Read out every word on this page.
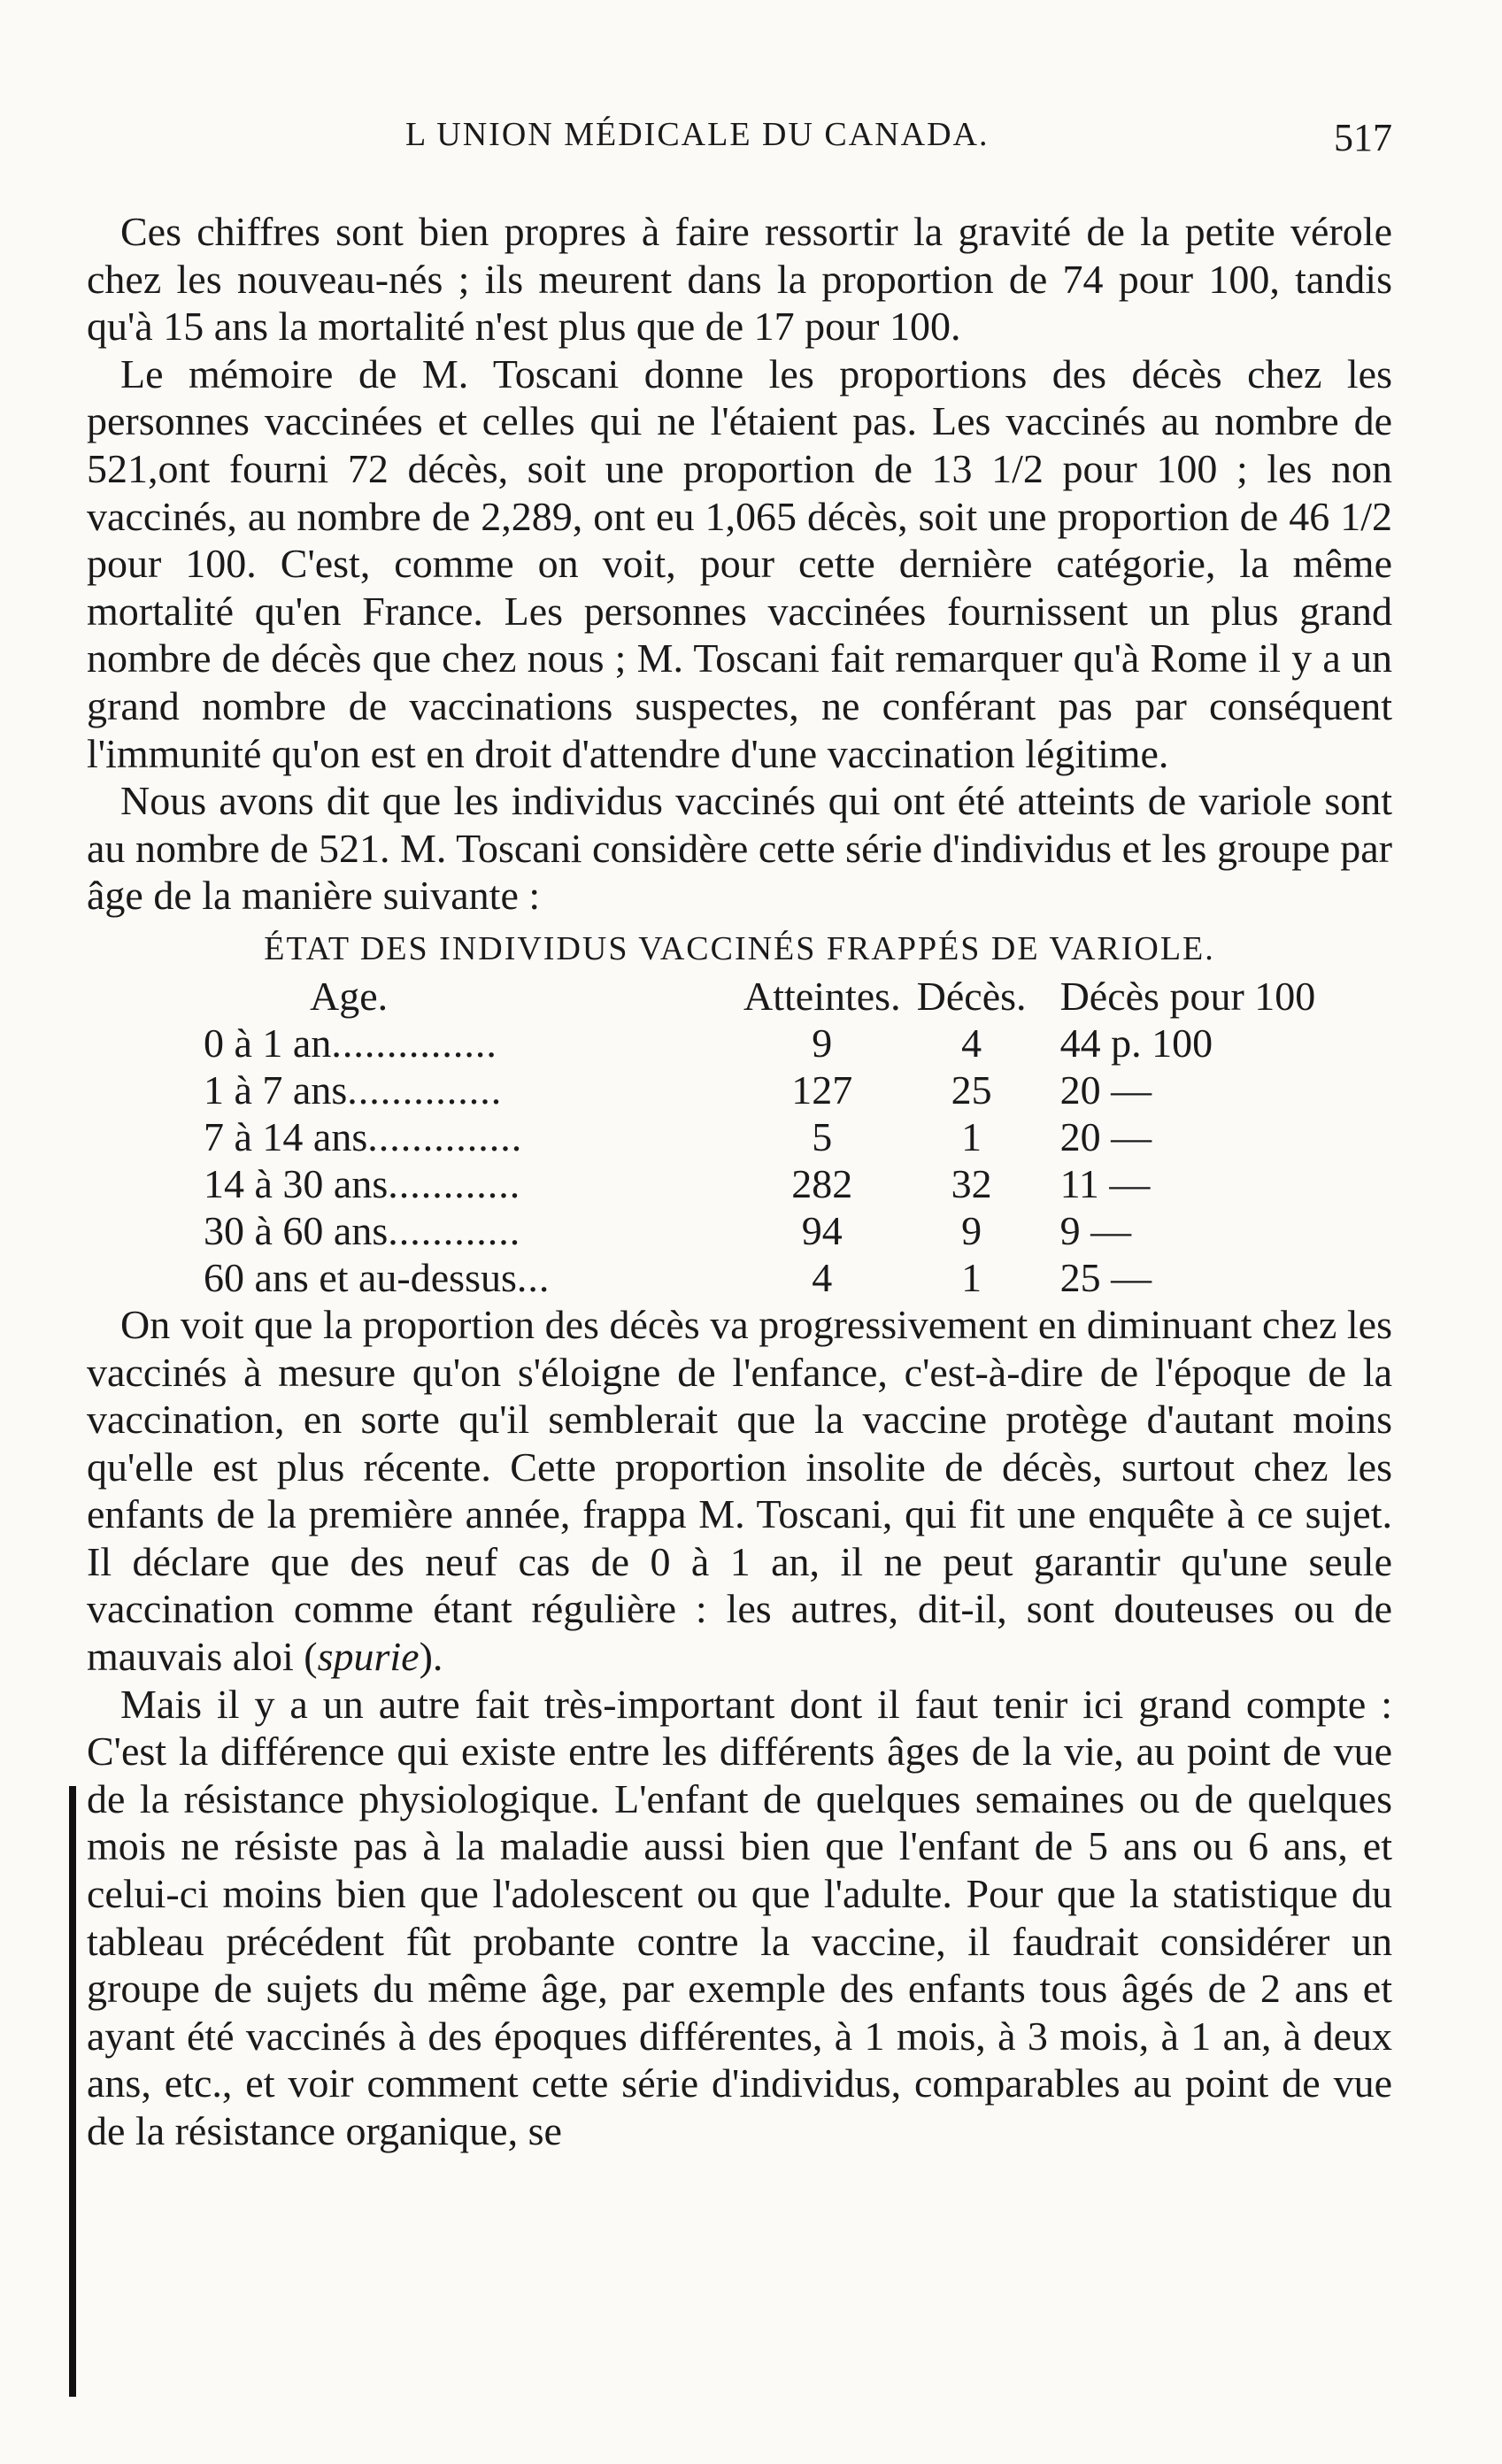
L UNION MÉDICALE DU CANADA.	517

Ces chiffres sont bien propres à faire ressortir la gravité de la petite vérole chez les nouveau-nés ; ils meurent dans la proportion de 74 pour 100, tandis qu'à 15 ans la mortalité n'est plus que de 17 pour 100.

Le mémoire de M. Toscani donne les proportions des décès chez les personnes vaccinées et celles qui ne l'étaient pas. Les vaccinés au nombre de 521,ont fourni 72 décès, soit une proportion de 13 1/2 pour 100 ; les non vaccinés, au nombre de 2,289, ont eu 1,065 décès, soit une proportion de 46 1/2 pour 100. C'est, comme on voit, pour cette dernière catégorie, la même mortalité qu'en France. Les personnes vaccinées fournissent un plus grand nombre de décès que chez nous ; M. Toscani fait remarquer qu'à Rome il y a un grand nombre de vaccinations suspectes, ne conférant pas par conséquent l'immunité qu'on est en droit d'attendre d'une vaccination légitime.

Nous avons dit que les individus vaccinés qui ont été atteints de variole sont au nombre de 521. M. Toscani considère cette série d'individus et les groupe par âge de la manière suivante :

ÉTAT DES INDIVIDUS VACCINÉS FRAPPÉS DE VARIOLE.
Age.	Atteintes.	Décès.	Décès pour 100
0 à 1 an...............	9	4	44 p. 100
1 à 7 ans..............	127	25	20 —
7 à 14 ans..............	5	1	20 —
14 à 30 ans............	282	32	11 —
30 à 60 ans............	94	9	9 —
60 ans et au-dessus...	4	1	25 —

On voit que la proportion des décès va progressivement en diminuant chez les vaccinés à mesure qu'on s'éloigne de l'enfance, c'est-à-dire de l'époque de la vaccination, en sorte qu'il semblerait que la vaccine protège d'autant moins qu'elle est plus récente. Cette proportion insolite de décès, surtout chez les enfants de la première année, frappa M. Toscani, qui fit une enquête à ce sujet. Il déclare que des neuf cas de 0 à 1 an, il ne peut garantir qu'une seule vaccination comme étant régulière : les autres, dit-il, sont douteuses ou de mauvais aloi (spurie).

Mais il y a un autre fait très-important dont il faut tenir ici grand compte : C'est la différence qui existe entre les différents âges de la vie, au point de vue de la résistance physiologique. L'enfant de quelques semaines ou de quelques mois ne résiste pas à la maladie aussi bien que l'enfant de 5 ans ou 6 ans, et celui-ci moins bien que l'adolescent ou que l'adulte. Pour que la statistique du tableau précédent fût probante contre la vaccine, il faudrait considérer un groupe de sujets du même âge, par exemple des enfants tous âgés de 2 ans et ayant été vaccinés à des époques différentes, à 1 mois, à 3 mois, à 1 an, à deux ans, etc., et voir comment cette série d'individus, comparables au point de vue de la résistance organique, se
